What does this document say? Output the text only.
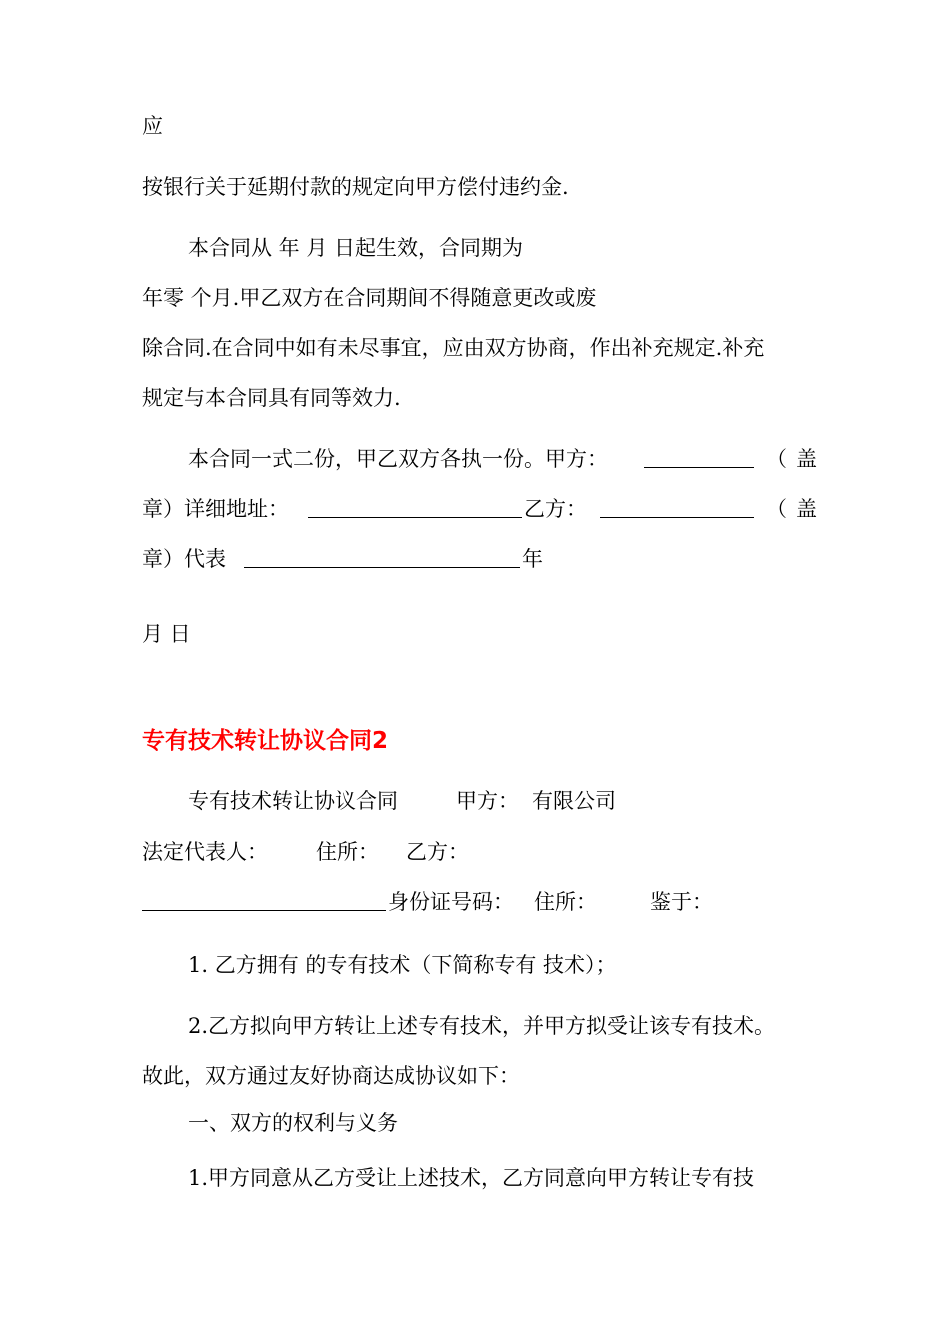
应
按银行关于延期付款的规定向甲方偿付违约金.
本合同从 年 月 日起生效，合同期为
年零 个月.甲乙双方在合同期间不得随意更改或废
除合同.在合同中如有未尽事宜，应由双方协商，作出补充规定.补充
规定与本合同具有同等效力.
本合同一式二份，甲乙双方各执一份。甲方：	（ 盖
章）详细地址：	乙方：	（ 盖
章）代表	年
月 日
专有技术转让协议合同2
专有技术转让协议合同	甲方： 有限公司
法定代表人： 住所： 乙方：
身份证号码： 住所：	鉴于：
1. 乙方拥有 的专有技术（下简称专有 技术）；
2.乙方拟向甲方转让上述专有技术，并甲方拟受让该专有技术。
故此，双方通过友好协商达成协议如下：
一、双方的权利与义务
1.甲方同意从乙方受让上述技术，乙方同意向甲方转让专有技
